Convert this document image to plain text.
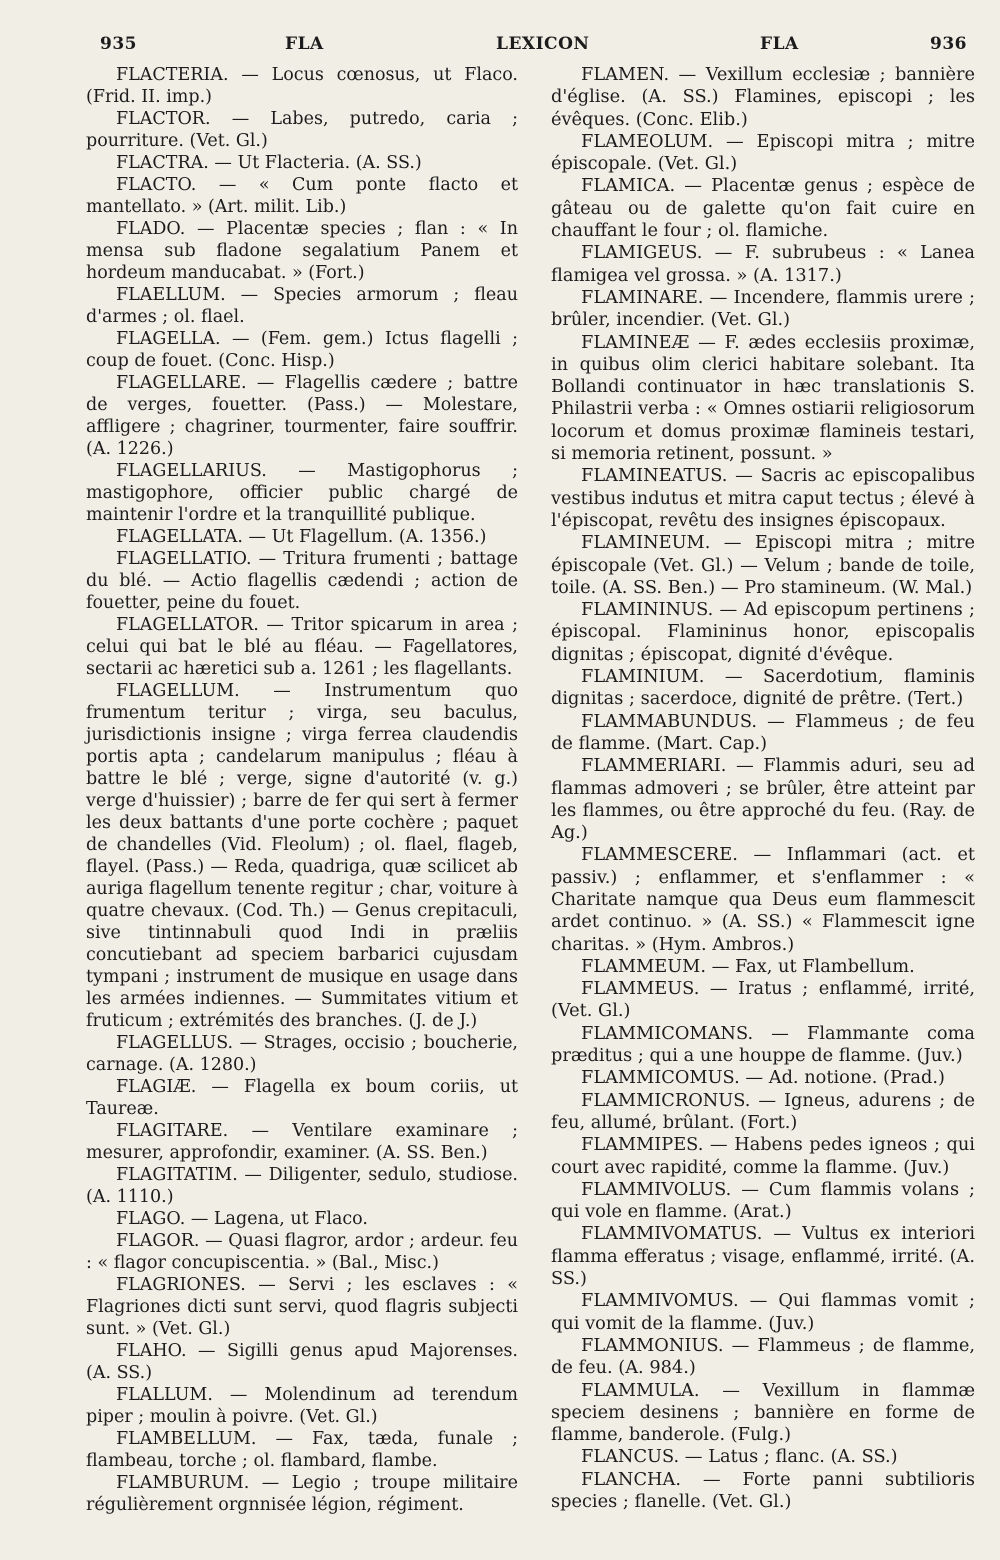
935	FLA	LEXICON	FLA	936

FLACTERIA. — Locus cœnosus, ut Flaco. (Frid. II. imp.)

FLACTOR. — Labes, putredo, caria ; pourriture. (Vet. Gl.)

FLACTRA. — Ut Flacteria. (A. SS.)

FLACTO. — « Cum ponte flacto et mantellato. » (Art. milit. Lib.)

FLADO. — Placentæ species ; flan : « In mensa sub fladone segalatium Panem et hordeum manducabat. » (Fort.)

FLAELLUM. — Species armorum ; fleau d'armes ; ol. flael.

FLAGELLA. — (Fem. gem.) Ictus flagelli ; coup de fouet. (Conc. Hisp.)

FLAGELLARE. — Flagellis cædere ; battre de verges, fouetter. (Pass.) — Molestare, affligere ; chagriner, tourmenter, faire souffrir. (A. 1226.)

FLAGELLARIUS. — Mastigophorus ; mastigophore, officier public chargé de maintenir l'ordre et la tranquillité publique.

FLAGELLATA. — Ut Flagellum. (A. 1356.)

FLAGELLATIO. — Tritura frumenti ; battage du blé. — Actio flagellis cædendi ; action de fouetter, peine du fouet.

FLAGELLATOR. — Tritor spicarum in area ; celui qui bat le blé au fléau. — Fagellatores, sectarii ac hæretici sub a. 1261 ; les flagellants.

FLAGELLUM. — Instrumentum quo frumentum teritur ; virga, seu baculus, jurisdictionis insigne ; virga ferrea claudendis portis apta ; candelarum manipulus ; fléau à battre le blé ; verge, signe d'autorité (v. g.) verge d'huissier) ; barre de fer qui sert à fermer les deux battants d'une porte cochère ; paquet de chandelles (Vid. Fleolum) ; ol. flael, flageb, flayel. (Pass.) — Reda, quadriga, quæ scilicet ab auriga flagellum tenente regitur ; char, voiture à quatre chevaux. (Cod. Th.) — Genus crepitaculi, sive tintinnabuli quod Indi in præliis concutiebant ad speciem barbarici cujusdam tympani ; instrument de musique en usage dans les armées indiennes. — Summitates vitium et fruticum ; extrémités des branches. (J. de J.)

FLAGELLUS. — Strages, occisio ; boucherie, carnage. (A. 1280.)

FLAGIÆ. — Flagella ex boum coriis, ut Taureæ.

FLAGITARE. — Ventilare examinare ; mesurer, approfondir, examiner. (A. SS. Ben.)

FLAGITATIM. — Diligenter, sedulo, studiose. (A. 1110.)

FLAGO. — Lagena, ut Flaco.

FLAGOR. — Quasi flagror, ardor ; ardeur. feu : « flagor concupiscentia. » (Bal., Misc.)

FLAGRIONES. — Servi ; les esclaves : « Flagriones dicti sunt servi, quod flagris subjecti sunt. » (Vet. Gl.)

FLAHO. — Sigilli genus apud Majorenses. (A. SS.)

FLALLUM. — Molendinum ad terendum piper ; moulin à poivre. (Vet. Gl.)

FLAMBELLUM. — Fax, tæda, funale ; flambeau, torche ; ol. flambard, flambe.

FLAMBURUM. — Legio ; troupe militaire régulièrement orgnnisée légion, régiment.

FLAMEN. — Vexillum ecclesiæ ; bannière d'église. (A. SS.) Flamines, episcopi ; les évêques. (Conc. Elib.)

FLAMEOLUM. — Episcopi mitra ; mitre épiscopale. (Vet. Gl.)

FLAMICA. — Placentæ genus ; espèce de gâteau ou de galette qu'on fait cuire en chauffant le four ; ol. flamiche.

FLAMIGEUS. — F. subrubeus : « Lanea flamigea vel grossa. » (A. 1317.)

FLAMINARE. — Incendere, flammis urere ; brûler, incendier. (Vet. Gl.)

FLAMINEÆ — F. ædes ecclesiis proximæ, in quibus olim clerici habitare solebant. Ita Bollandi continuator in hæc translationis S. Philastrii verba : « Omnes ostiarii religiosorum locorum et domus proximæ flamineis testari, si memoria retinent, possunt. »

FLAMINEATUS. — Sacris ac episcopalibus vestibus indutus et mitra caput tectus ; élevé à l'épiscopat, revêtu des insignes épiscopaux.

FLAMINEUM. — Episcopi mitra ; mitre épiscopale (Vet. Gl.) — Velum ; bande de toile, toile. (A. SS. Ben.) — Pro stamineum. (W. Mal.)

FLAMININUS. — Ad episcopum pertinens ; épiscopal. Flamininus honor, episcopalis dignitas ; épiscopat, dignité d'évêque.

FLAMINIUM. — Sacerdotium, flaminis dignitas ; sacerdoce, dignité de prêtre. (Tert.)

FLAMMABUNDUS. — Flammeus ; de feu de flamme. (Mart. Cap.)

FLAMMERIARI. — Flammis aduri, seu ad flammas admoveri ; se brûler, être atteint par les flammes, ou être approché du feu. (Ray. de Ag.)

FLAMMESCERE. — Inflammari (act. et passiv.) ; enflammer, et s'enflammer : « Charitate namque qua Deus eum flammescit ardet continuo. » (A. SS.) « Flammescit igne charitas. » (Hym. Ambros.)

FLAMMEUM. — Fax, ut Flambellum.

FLAMMEUS. — Iratus ; enflammé, irrité, (Vet. Gl.)

FLAMMICOMANS. — Flammante coma præditus ; qui a une houppe de flamme. (Juv.)

FLAMMICOMUS. — Ad. notione. (Prad.)

FLAMMICRONUS. — Igneus, adurens ; de feu, allumé, brûlant. (Fort.)

FLAMMIPES. — Habens pedes igneos ; qui court avec rapidité, comme la flamme. (Juv.)

FLAMMIVOLUS. — Cum flammis volans ; qui vole en flamme. (Arat.)

FLAMMIVOMATUS. — Vultus ex interiori flamma efferatus ; visage, enflammé, irrité. (A. SS.)

FLAMMIVOMUS. — Qui flammas vomit ; qui vomit de la flamme. (Juv.)

FLAMMONIUS. — Flammeus ; de flamme, de feu. (A. 984.)

FLAMMULA. — Vexillum in flammæ speciem desinens ; bannière en forme de flamme, banderole. (Fulg.)

FLANCUS. — Latus ; flanc. (A. SS.)

FLANCHA. — Forte panni subtilioris species ; flanelle. (Vet. Gl.)
